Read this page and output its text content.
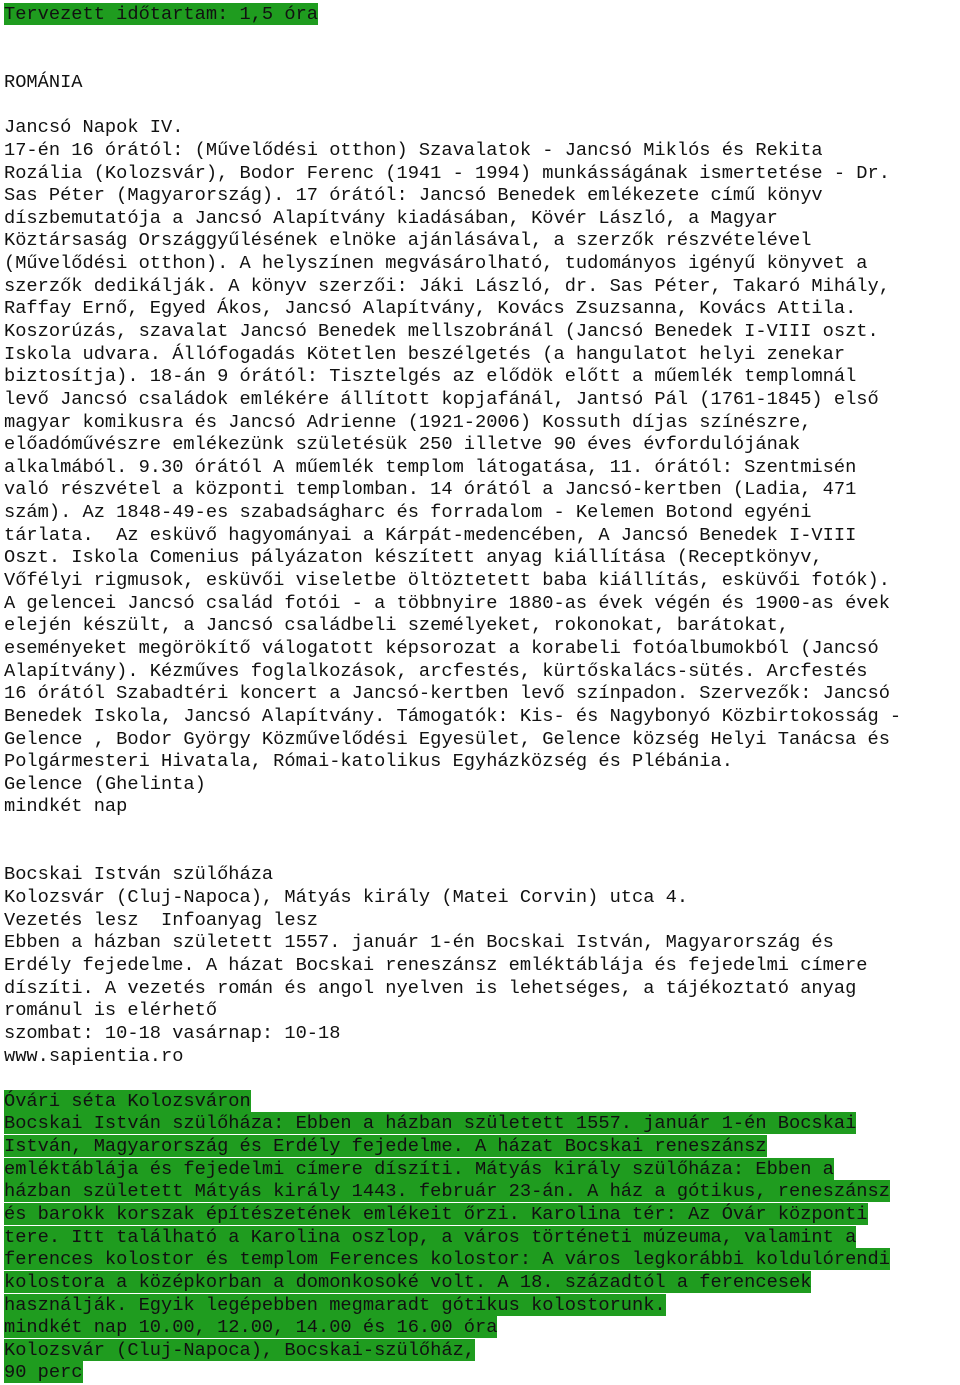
Tervezett időtartam: 1,5 óra
ROMÁNIA
Jancsó Napok IV.
17-én 16 órától: (Művelődési otthon) Szavalatok - Jancsó Miklós és Rekita
Rozália (Kolozsvár), Bodor Ferenc (1941 - 1994) munkásságának ismertetése - Dr.
Sas Péter (Magyarország). 17 órától: Jancsó Benedek emlékezete című könyv
díszbemutatója a Jancsó Alapítvány kiadásában, Kövér László, a Magyar
Köztársaság Országgyűlésének elnöke ajánlásával, a szerzők részvételével
(Művelődési otthon). A helyszínen megvásárolható, tudományos igényű könyvet a
szerzők dedikálják. A könyv szerzői: Jáki László, dr. Sas Péter, Takaró Mihály,
Raffay Ernő, Egyed Ákos, Jancsó Alapítvány, Kovács Zsuzsanna, Kovács Attila.
Koszorúzás, szavalat Jancsó Benedek mellszobránál (Jancsó Benedek I-VIII oszt.
Iskola udvara. Állófogadás Kötetlen beszélgetés (a hangulatot helyi zenekar
biztosítja). 18-án 9 órától: Tisztelgés az elődök előtt a műemlék templomnál
levő Jancsó családok emlékére állított kopjafánál, Jantsó Pál (1761-1845) első
magyar komikusra és Jancsó Adrienne (1921-2006) Kossuth díjas színészre,
előadóművészre emlékezünk születésük 250 illetve 90 éves évfordulójának
alkalmából. 9.30 órától A műemlék templom látogatása, 11. órától: Szentmisén
való részvétel a központi templomban. 14 órától a Jancsó-kertben (Ladia, 471
szám). Az 1848-49-es szabadságharc és forradalom - Kelemen Botond egyéni
tárlata.  Az esküvő hagyományai a Kárpát-medencében, A Jancsó Benedek I-VIII
Oszt. Iskola Comenius pályázaton készített anyag kiállítása (Receptkönyv,
Vőfélyi rigmusok, esküvői viseletbe öltöztetett baba kiállítás, esküvői fotók).
A gelencei Jancsó család fotói - a többnyire 1880-as évek végén és 1900-as évek
elején készült, a Jancsó családbeli személyeket, rokonokat, barátokat,
eseményeket megörökítő válogatott képsorozat a korabeli fotóalbumokból (Jancsó
Alapítvány). Kézműves foglalkozások, arcfestés, kürtőskalács-sütés. Arcfestés
16 órától Szabadtéri koncert a Jancsó-kertben levő színpadon. Szervezők: Jancsó
Benedek Iskola, Jancsó Alapítvány. Támogatók: Kis- és Nagybonyó Közbirtokosság -
Gelence , Bodor György Közművelődési Egyesület, Gelence község Helyi Tanácsa és
Polgármesteri Hivatala, Római-katolikus Egyházközség és Plébánia.
Gelence (Ghelinta)
mindkét nap
Bocskai István szülőháza
Kolozsvár (Cluj-Napoca), Mátyás király (Matei Corvin) utca 4.
Vezetés lesz  Infoanyag lesz
Ebben a házban született 1557. január 1-én Bocskai István, Magyarország és
Erdély fejedelme. A házat Bocskai reneszánsz emléktáblája és fejedelmi címere
díszíti. A vezetés román és angol nyelven is lehetséges, a tájékoztató anyag
románul is elérhető
szombat: 10-18 vasárnap: 10-18
www.sapientia.ro
Óvári séta Kolozsváron
Bocskai István szülőháza: Ebben a házban született 1557. január 1-én Bocskai
István, Magyarország és Erdély fejedelme. A házat Bocskai reneszánsz
emléktáblája és fejedelmi címere díszíti. Mátyás király szülőháza: Ebben a
házban született Mátyás király 1443. február 23-án. A ház a gótikus, reneszánsz
és barokk korszak építészetének emlékeit őrzi. Karolina tér: Az Óvár központi
tere. Itt található a Karolina oszlop, a város történeti múzeuma, valamint a
ferences kolostor és templom Ferences kolostor: A város legkorábbi koldulórendi
kolostora a középkorban a domonkosoké volt. A 18. századtól a ferencesek
használják. Egyik legépebben megmaradt gótikus kolostorunk.
mindkét nap 10.00, 12.00, 14.00 és 16.00 óra
Kolozsvár (Cluj-Napoca), Bocskai-szülőház,
90 perc
